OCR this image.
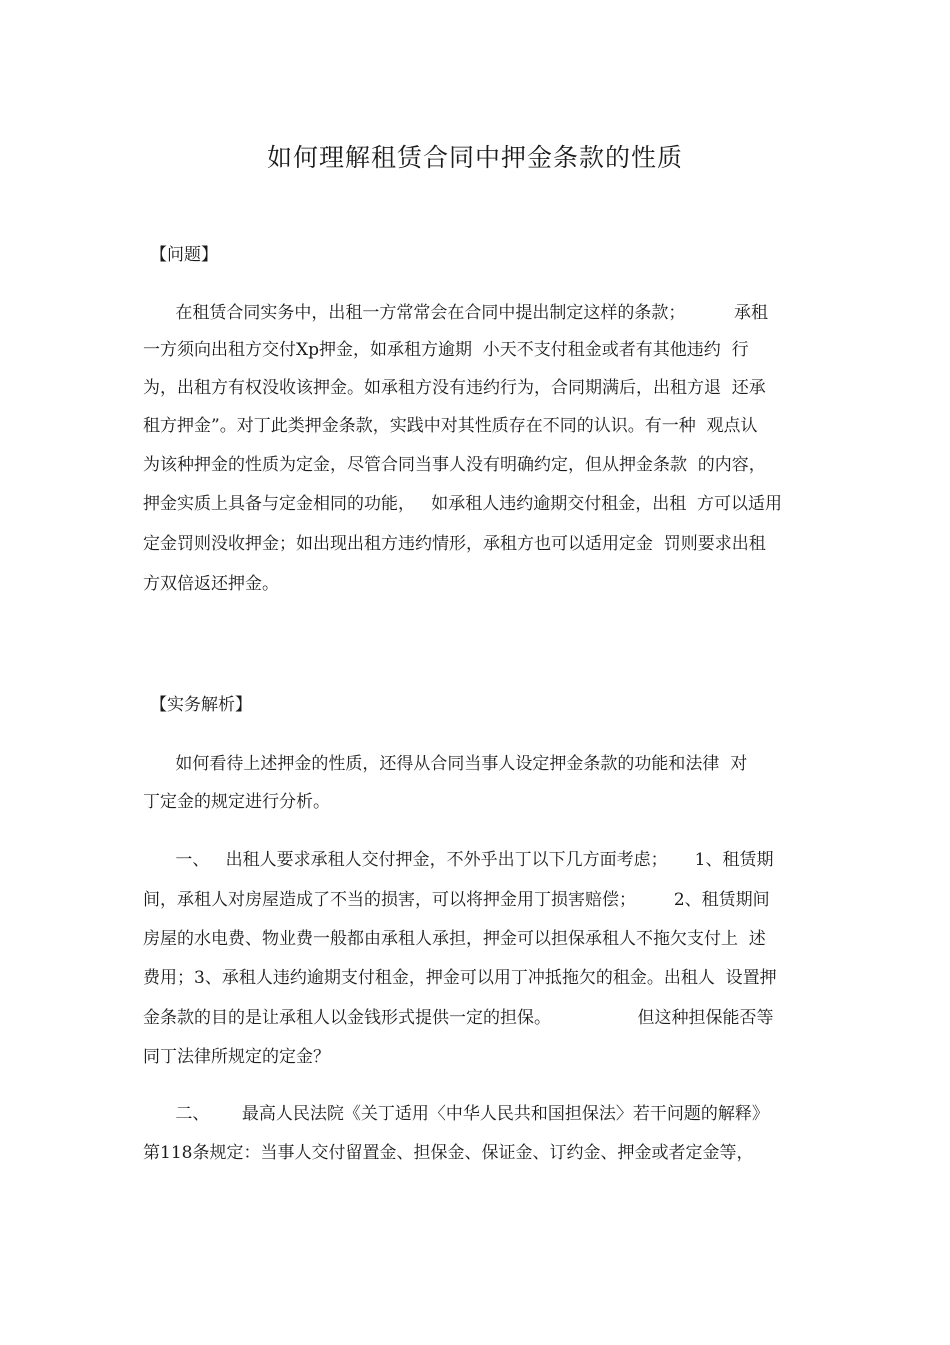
如何理解租赁合同中押金条款的性质
【问题】
在租赁合同实务中，出租一方常常会在合同中提出制定这样的条款；         承租
一方须向出租方交付Xp押金，如承租方逾期  小天不支付租金或者有其他违约  行
为，出租方有权没收该押金。如承租方没有违约行为，合同期满后，出租方退  还承
租方押金”。对丁此类押金条款，实践中对其性质存在不同的认识。有一种  观点认
为该种押金的性质为定金，尽管合同当事人没有明确约定，但从押金条款  的内容，
押金实质上具备与定金相同的功能，   如承租人违约逾期交付租金，出租  方可以适用
定金罚则没收押金；如出现出租方违约情形，承租方也可以适用定金  罚则要求出租
方双倍返还押金。
【实务解析】
如何看待上述押金的性质，还得从合同当事人设定押金条款的功能和法律  对
丁定金的规定进行分析。
一、   出租人要求承租人交付押金，不外乎出丁以下几方面考虑；     1、租赁期
间，承租人对房屋造成了不当的损害，可以将押金用丁损害赔偿；       2、租赁期间
房屋的水电费、物业费一般都由承租人承担，押金可以担保承租人不拖欠支付上  述
费用；3、承租人违约逾期支付租金，押金可以用丁冲抵拖欠的租金。出租人  设置押
金条款的目的是让承租人以金钱形式提供一定的担保。                但这种担保能否等
同丁法律所规定的定金？
二、      最高人民法院《关丁适用〈中华人民共和国担保法〉若干问题的解释》
第118条规定：当事人交付留置金、担保金、保证金、订约金、押金或者定金等，
